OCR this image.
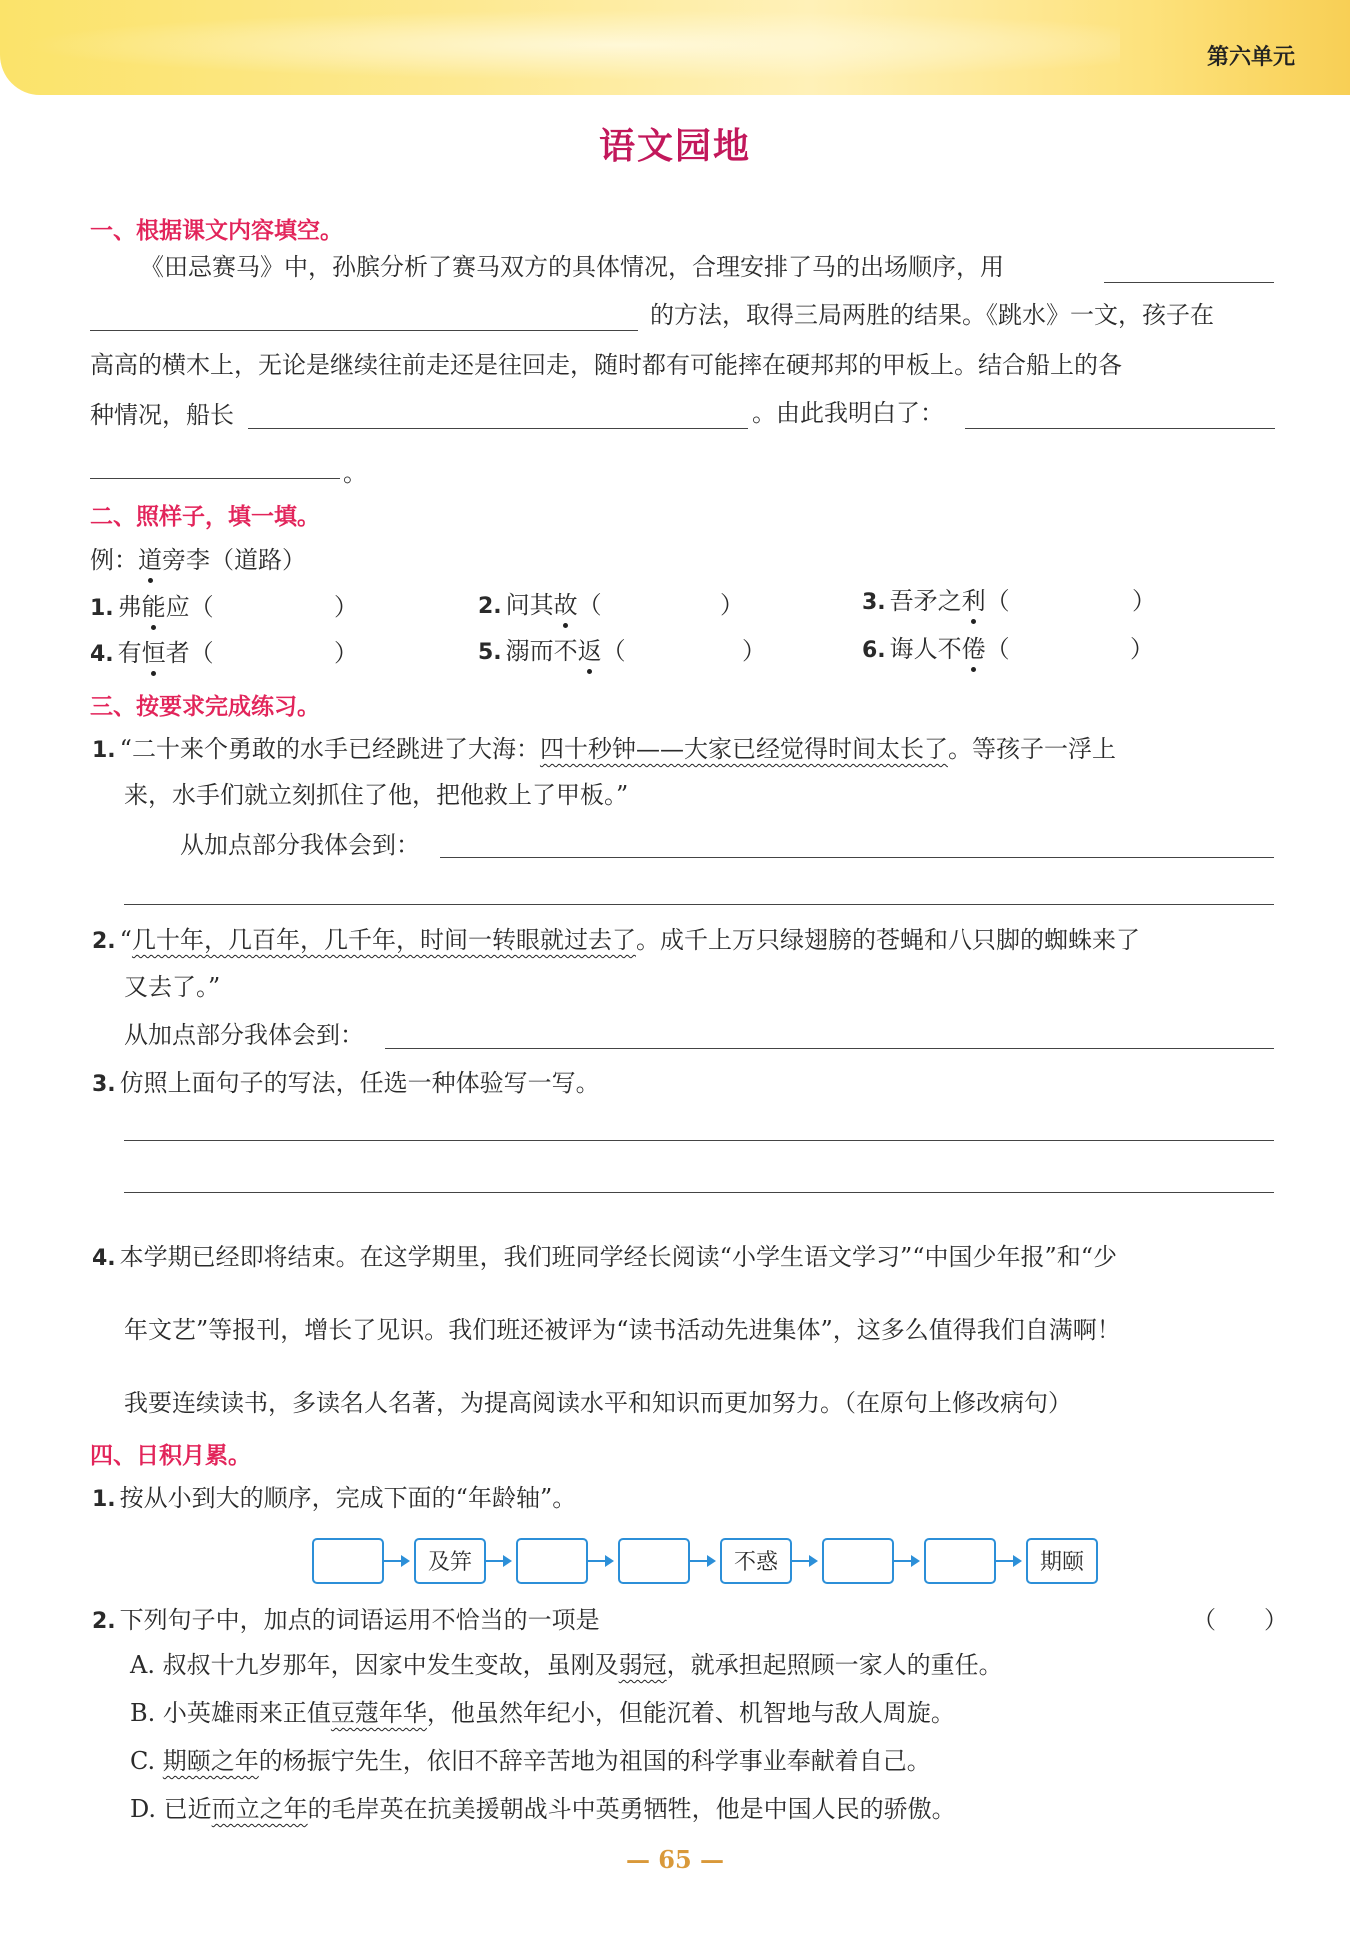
第六单元
语文园地
一、根据课文内容填空。
《田忌赛马》中，孙膑分析了赛马双方的具体情况，合理安排了马的出场顺序，用
的方法，取得三局两胜的结果。《跳水》一文，孩子在
高高的横木上，无论是继续往前走还是往回走，随时都有可能摔在硬邦邦的甲板上。结合船上的各
种情况，船长	。由此我明白了：
。
二、照样子，填一填。
例：道旁李（道路）
1. 弗能应（	）	2. 问其故（	）	3. 吾矛之利（	）
4. 有恒者（	）	5. 溺而不返（	）	6. 诲人不倦（	）
三、按要求完成练习。
1. “二十来个勇敢的水手已经跳进了大海：四十秒钟——大家已经觉得时间太长了。等孩子一浮上
来，水手们就立刻抓住了他，把他救上了甲板。”
从加点部分我体会到：
2. “几十年，几百年，几千年，时间一转眼就过去了。成千上万只绿翅膀的苍蝇和八只脚的蜘蛛来了
又去了。”
从加点部分我体会到：
3. 仿照上面句子的写法，任选一种体验写一写。
4. 本学期已经即将结束。在这学期里，我们班同学经长阅读“小学生语文学习”“中国少年报”和“少
年文艺”等报刊，增长了见识。我们班还被评为“读书活动先进集体”，这多么值得我们自满啊！
我要连续读书，多读名人名著，为提高阅读水平和知识而更加努力。（在原句上修改病句）
四、日积月累。
1. 按从小到大的顺序，完成下面的“年龄轴”。
及笄	不惑	期颐
2. 下列句子中，加点的词语运用不恰当的一项是	（　　）
A. 叔叔十九岁那年，因家中发生变故，虽刚及弱冠，就承担起照顾一家人的重任。
B. 小英雄雨来正值豆蔻年华，他虽然年纪小，但能沉着、机智地与敌人周旋。
C. 期颐之年的杨振宁先生，依旧不辞辛苦地为祖国的科学事业奉献着自己。
D. 已近而立之年的毛岸英在抗美援朝战斗中英勇牺牲，他是中国人民的骄傲。
— 65 —
